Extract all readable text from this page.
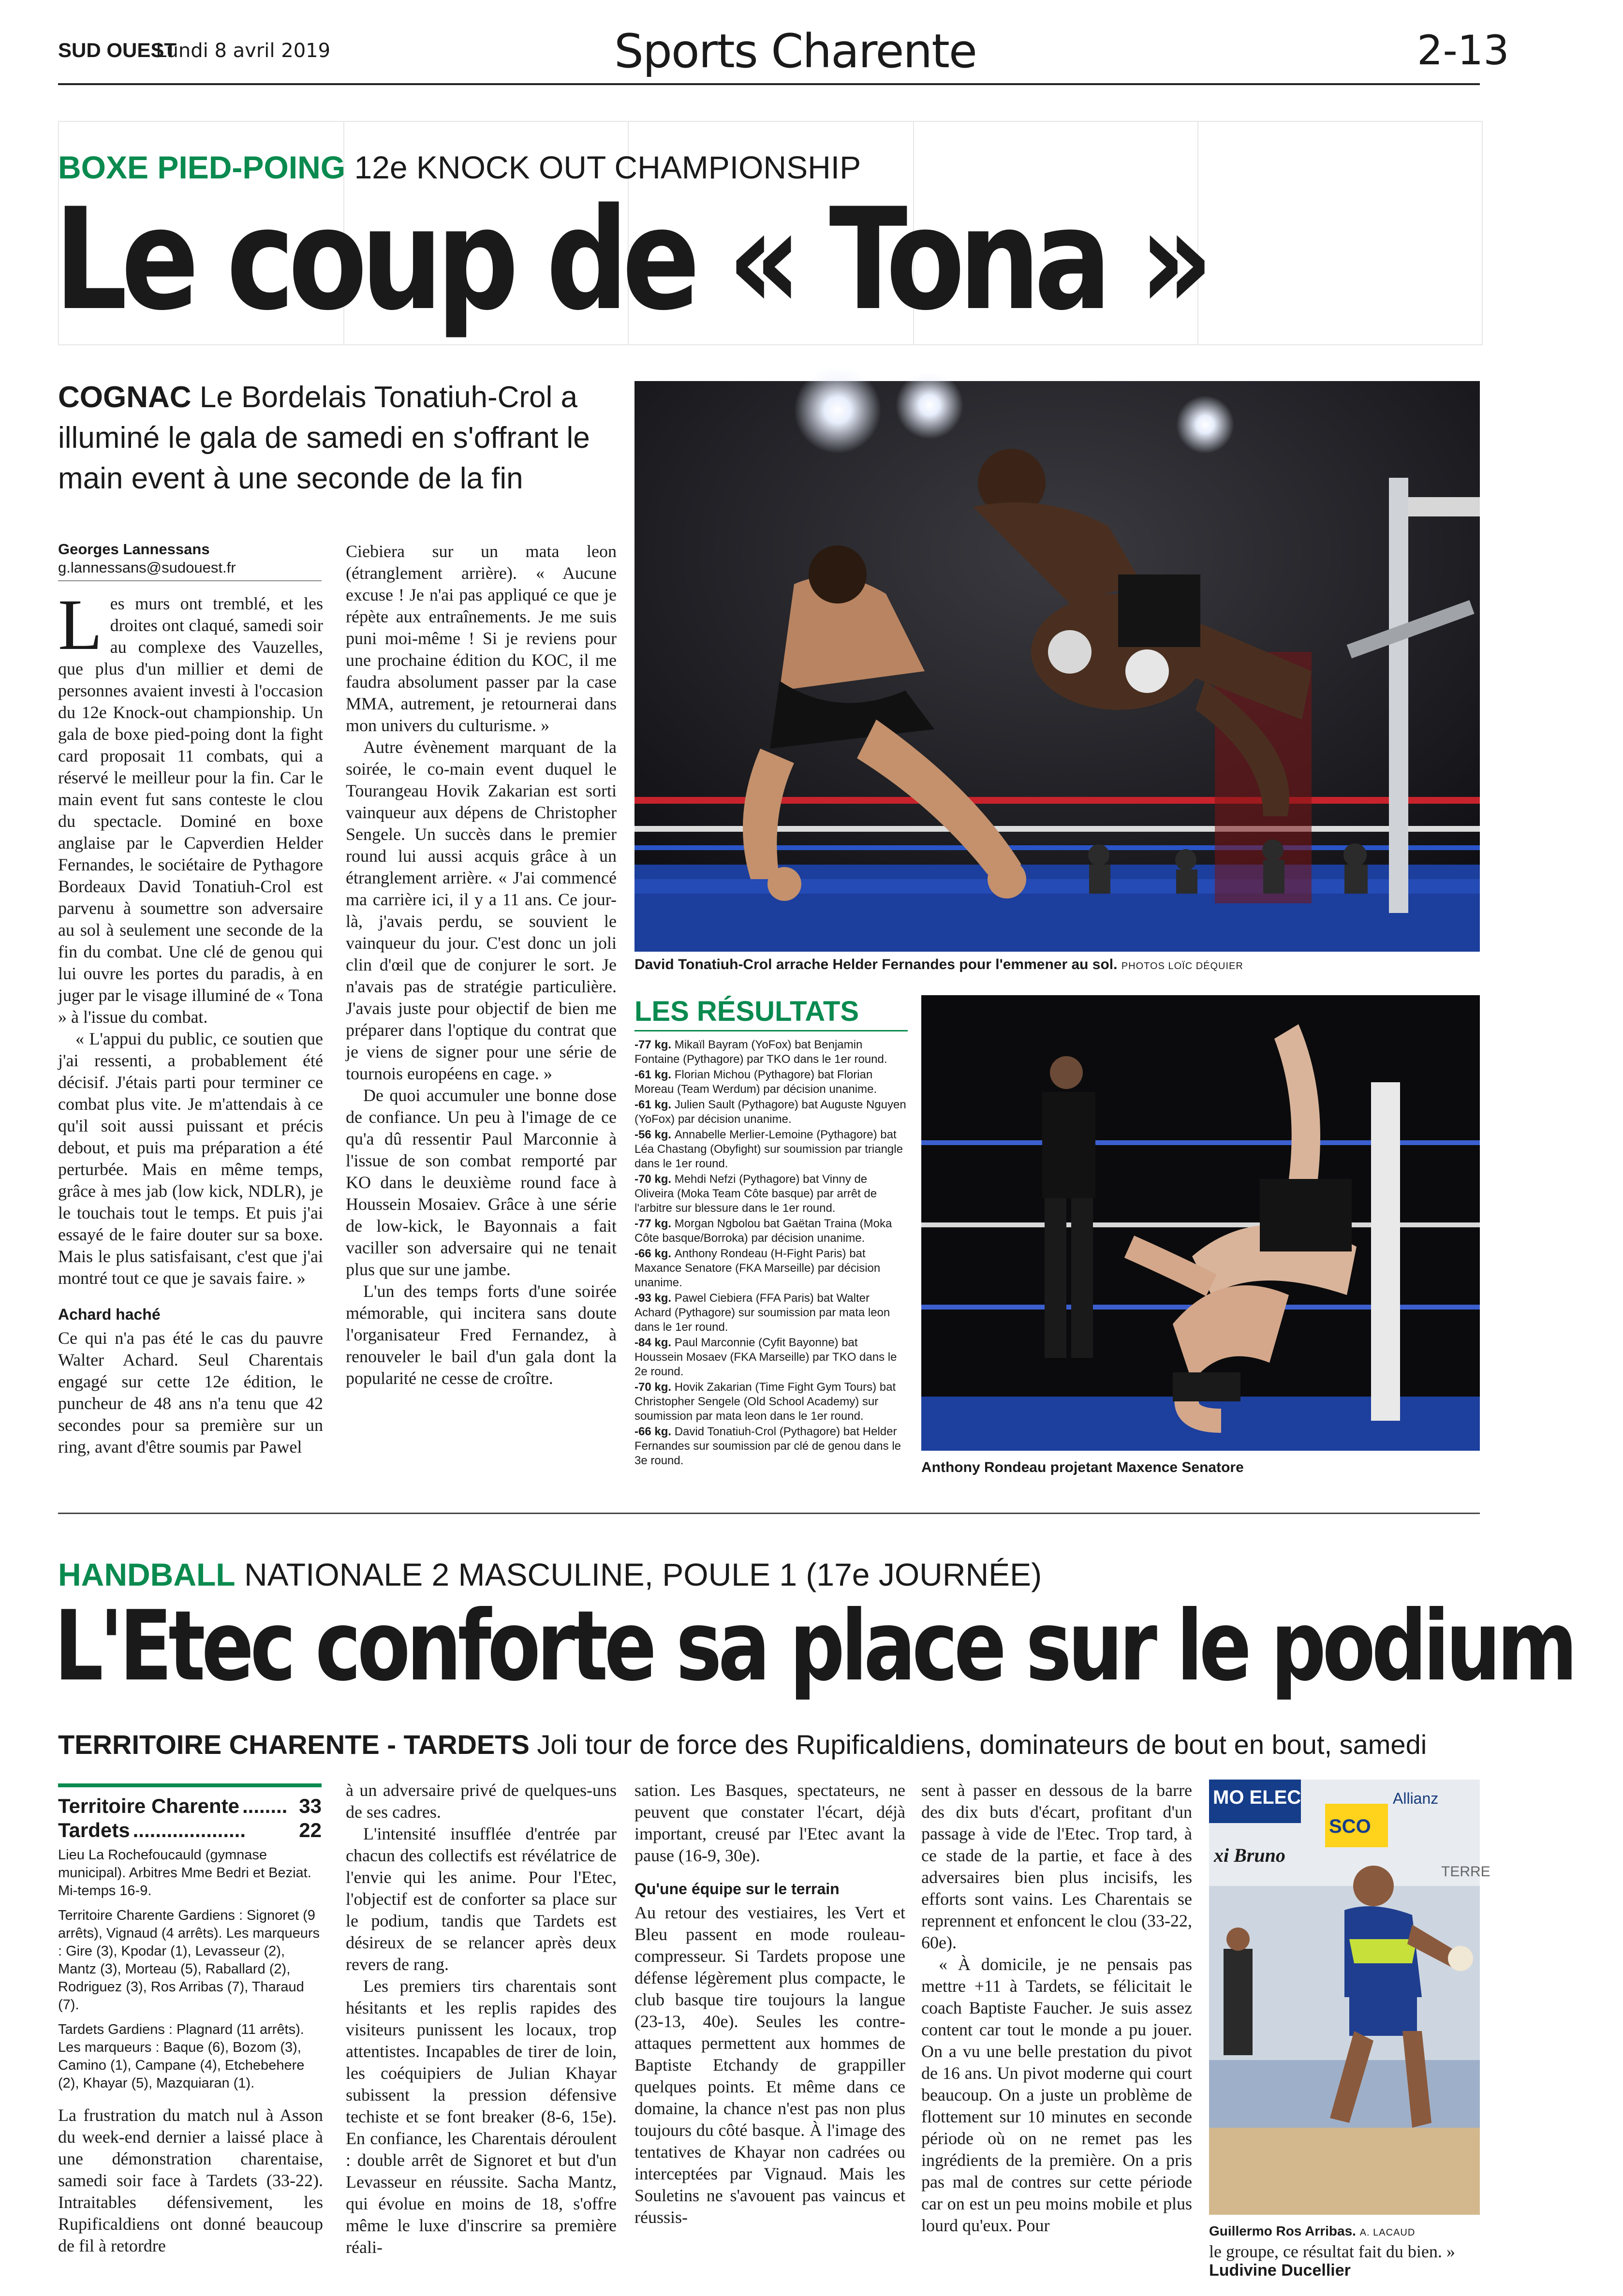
SUD OUEST
Lundi 8 avril 2019	Sports Charente	2-13
BOXE PIED-POING 12e KNOCK OUT CHAMPIONSHIP
Le coup de « Tona »
COGNAC Le Bordelais Tonatiuh-Crol a illuminé le gala de samedi en s'offrant le main event à une seconde de la fin
Georges Lannessans
g.lannessans@sudouest.fr

Les murs ont tremblé, et les droites ont claqué, samedi soir au complexe des Vauzelles, que plus d'un millier et demi de personnes avaient investi à l'occasion du 12e Knock-out championship. Un gala de boxe pied-poing dont la fight card proposait 11 combats, qui a réservé le meilleur pour la fin. Car le main event fut sans conteste le clou du spectacle. Dominé en boxe anglaise par le Capverdien Helder Fernandes, le sociétaire de Pythagore Bordeaux David Tonatiuh-Crol est parvenu à soumettre son adversaire au sol à seulement une seconde de la fin du combat. Une clé de genou qui lui ouvre les portes du paradis, à en juger par le visage illuminé de « Tona » à l'issue du combat.

« L'appui du public, ce soutien que j'ai ressenti, a probablement été décisif. J'étais parti pour terminer ce combat plus vite. Je m'attendais à ce qu'il soit aussi puissant et précis debout, et puis ma préparation a été perturbée. Mais en même temps, grâce à mes jab (low kick, NDLR), je le touchais tout le temps. Et puis j'ai essayé de le faire douter sur sa boxe. Mais le plus satisfaisant, c'est que j'ai montré tout ce que je savais faire. »

Achard haché

Ce qui n'a pas été le cas du pauvre Walter Achard. Seul Charentais engagé sur cette 12e édition, le puncheur de 48 ans n'a tenu que 42 secondes pour sa première sur un ring, avant d'être soumis par Pawel

Ciebiera sur un mata leon (étranglement arrière). « Aucune excuse ! Je n'ai pas appliqué ce que je répète aux entraînements. Je me suis puni moi-même ! Si je reviens pour une prochaine édition du KOC, il me faudra absolument passer par la case MMA, autrement, je retournerai dans mon univers du culturisme. »

Autre évènement marquant de la soirée, le co-main event duquel le Tourangeau Hovik Zakarian est sorti vainqueur aux dépens de Christopher Sengele. Un succès dans le premier round lui aussi acquis grâce à un étranglement arrière. « J'ai commencé ma carrière ici, il y a 11 ans. Ce jour-là, j'avais perdu, se souvient le vainqueur du jour. C'est donc un joli clin d'œil que de conjurer le sort. Je n'avais pas de stratégie particulière. J'avais juste pour objectif de bien me préparer dans l'optique du contrat que je viens de signer pour une série de tournois européens en cage. »

De quoi accumuler une bonne dose de confiance. Un peu à l'image de ce qu'a dû ressentir Paul Marconnie à l'issue de son combat remporté par KO dans le deuxième round face à Houssein Mosaiev. Grâce à une série de low-kick, le Bayonnais a fait vaciller son adversaire qui ne tenait plus que sur une jambe.

L'un des temps forts d'une soirée mémorable, qui incitera sans doute l'organisateur Fred Fernandez, à renouveler le bail d'un gala dont la popularité ne cesse de croître.

David Tonatiuh-Crol arrache Helder Fernandes pour l'emmener au sol. PHOTOS LOÏC DÉQUIER
LES RÉSULTATS
-77 kg. Mikaïl Bayram (YoFox) bat Benjamin Fontaine (Pythagore) par TKO dans le 1er round.
-61 kg. Florian Michou (Pythagore) bat Florian Moreau (Team Werdum) par décision unanime.
-61 kg. Julien Sault (Pythagore) bat Auguste Nguyen (YoFox) par décision unanime.
-56 kg. Annabelle Merlier-Lemoine (Pythagore) bat Léa Chastang (Obyfight) sur soumission par triangle dans le 1er round.
-70 kg. Mehdi Nefzi (Pythagore) bat Vinny de Oliveira (Moka Team Côte basque) par arrêt de l'arbitre sur blessure dans le 1er round.
-77 kg. Morgan Ngbolou bat Gaëtan Traina (Moka Côte basque/Borroka) par décision unanime.
-66 kg. Anthony Rondeau (H-Fight Paris) bat Maxance Senatore (FKA Marseille) par décision unanime.
-93 kg. Pawel Ciebiera (FFA Paris) bat Walter Achard (Pythagore) sur soumission par mata leon dans le 1er round.
-84 kg. Paul Marconnie (Cyfit Bayonne) bat Houssein Mosaev (FKA Marseille) par TKO dans le 2e round.
-70 kg. Hovik Zakarian (Time Fight Gym Tours) bat Christopher Sengele (Old School Academy) sur soumission par mata leon dans le 1er round.
-66 kg. David Tonatiuh-Crol (Pythagore) bat Helder Fernandes sur soumission par clé de genou dans le 3e round.	Anthony Rondeau projetant Maxence Senatore
HANDBALL NATIONALE 2 MASCULINE, POULE 1 (17e JOURNÉE)
L'Etec conforte sa place sur le podium
TERRITOIRE CHARENTE - TARDETS Joli tour de force des Rupificaldiens, dominateurs de bout en bout, samedi
Territoire Charente ........ 33
Tardets ....................	22
Lieu La Rochefoucauld (gymnase municipal). Arbitres Mme Bedri et Beziat. Mi-temps 16-9.
Territoire Charente Gardiens : Signoret (9 arrêts), Vignaud (4 arrêts). Les marqueurs : Gire (3), Kpodar (1), Levasseur (2), Mantz (3), Morteau (5), Raballard (2), Rodriguez (3), Ros Arribas (7), Tharaud (7).
Tardets Gardiens : Plagnard (11 arrêts). Les marqueurs : Baque (6), Bozom (3), Camino (1), Campane (4), Etchebehere (2), Khayar (5), Mazquiaran (1).

La frustration du match nul à Asson du week-end dernier a laissé place à une démonstration charentaise, samedi soir face à Tardets (33-22). Intraitables défensivement, les Rupificaldiens ont donné beaucoup de fil à retordre

à un adversaire privé de quelques-uns de ses cadres.

L'intensité insufflée d'entrée par chacun des collectifs est révélatrice de l'envie qui les anime. Pour l'Etec, l'objectif est de conforter sa place sur le podium, tandis que Tardets est désireux de se relancer après deux revers de rang.

Les premiers tirs charentais sont hésitants et les replis rapides des visiteurs punissent les locaux, trop attentistes. Incapables de tirer de loin, les coéquipiers de Julian Khayar subissent la pression défensive techiste et se font breaker (8-6, 15e). En confiance, les Charentais déroulent : double arrêt de Signoret et but d'un Levasseur en réussite. Sacha Mantz, qui évolue en moins de 18, s'offre même le luxe d'inscrire sa première réali-

sation. Les Basques, spectateurs, ne peuvent que constater l'écart, déjà important, creusé par l'Etec avant la pause (16-9, 30e).

Qu'une équipe sur le terrain

Au retour des vestiaires, les Vert et Bleu passent en mode rouleau-compresseur. Si Tardets propose une défense légèrement plus compacte, le club basque tire toujours la langue (23-13, 40e). Seules les contre-attaques permettent aux hommes de Baptiste Etchandy de grappiller quelques points. Et même dans ce domaine, la chance n'est pas non plus toujours du côté basque. À l'image des tentatives de Khayar non cadrées ou interceptées par Vignaud. Mais les Souletins ne s'avouent pas vaincus et réussis-

sent à passer en dessous de la barre des dix buts d'écart, profitant d'un passage à vide de l'Etec. Trop tard, à ce stade de la partie, et face à des adversaires bien plus incisifs, les efforts sont vains. Les Charentais se reprennent et enfoncent le clou (33-22, 60e).

« À domicile, je ne pensais pas mettre +11 à Tardets, se félicitait le coach Baptiste Faucher. Je suis assez content car tout le monde a pu jouer. On a vu une belle prestation du pivot de 16 ans. Un pivot moderne qui court beaucoup. On a juste un problème de flottement sur 10 minutes en seconde période où on ne remet pas les ingrédients de la première. On a pris pas mal de contres sur cette période car on est un peu moins mobile et plus lourd qu'eux. Pour

MO ELEC
SCO
xi Bruno
Allianz
TERRE
Guillermo Ros Arribas. A. LACAUD

le groupe, ce résultat fait du bien. »

Ludivine Ducellier
